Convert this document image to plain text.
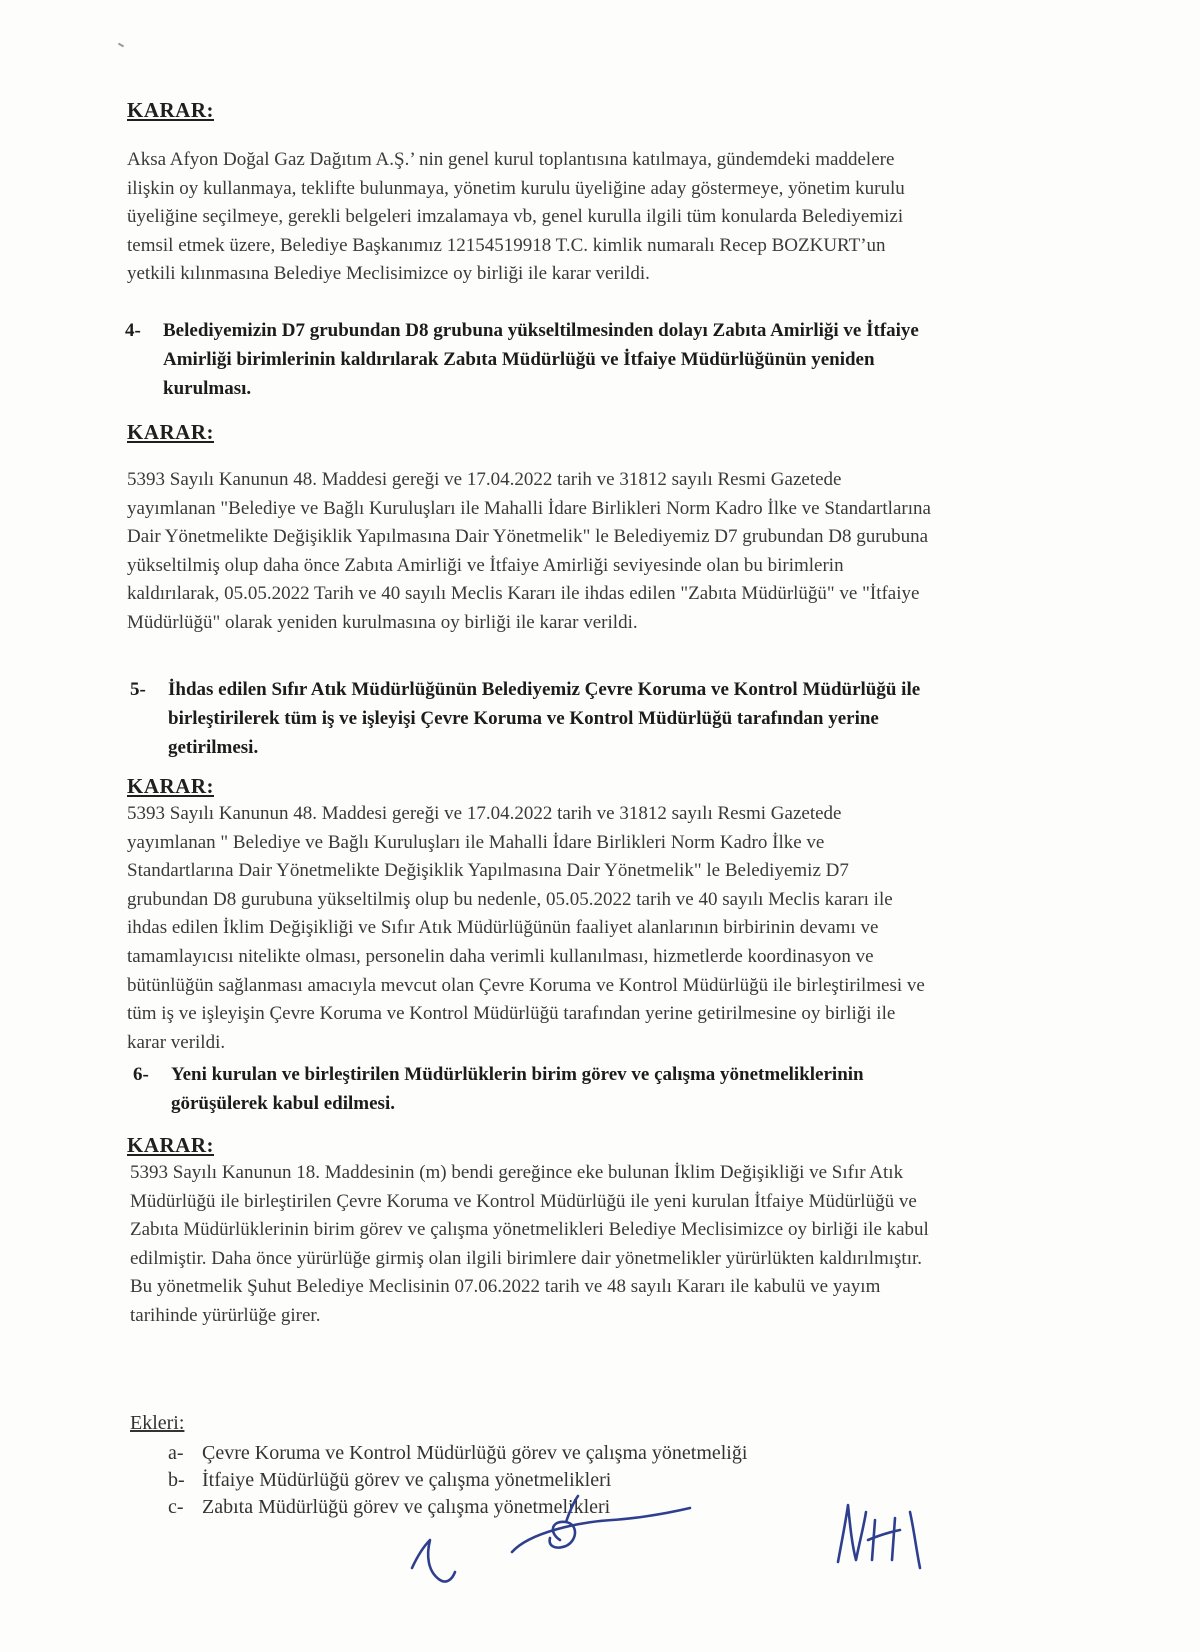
KARAR:
Aksa Afyon Doğal Gaz Dağıtım A.Ş.’ nin genel kurul toplantısına katılmaya, gündemdeki maddelere
ilişkin oy kullanmaya, teklifte bulunmaya, yönetim kurulu üyeliğine aday göstermeye, yönetim kurulu
üyeliğine seçilmeye, gerekli belgeleri imzalamaya vb, genel kurulla ilgili tüm konularda Belediyemizi
temsil etmek üzere, Belediye Başkanımız 12154519918 T.C. kimlik numaralı Recep BOZKURT’un
yetkili kılınmasına Belediye Meclisimizce oy birliği ile karar verildi.
4- Belediyemizin D7 grubundan D8 grubuna yükseltilmesinden dolayı Zabıta Amirliği ve İtfaiye
Amirliği birimlerinin kaldırılarak Zabıta Müdürlüğü ve İtfaiye Müdürlüğünün yeniden
kurulması.
KARAR:
5393 Sayılı Kanunun 48. Maddesi gereği ve 17.04.2022 tarih ve 31812 sayılı Resmi Gazetede
yayımlanan "Belediye ve Bağlı Kuruluşları ile Mahalli İdare Birlikleri Norm Kadro İlke ve Standartlarına
Dair Yönetmelikte Değişiklik Yapılmasına Dair Yönetmelik" le Belediyemiz D7 grubundan D8 gurubuna
yükseltilmiş olup daha önce Zabıta Amirliği ve İtfaiye Amirliği seviyesinde olan bu birimlerin
kaldırılarak, 05.05.2022 Tarih ve 40 sayılı Meclis Kararı ile ihdas edilen "Zabıta Müdürlüğü" ve "İtfaiye
Müdürlüğü" olarak yeniden kurulmasına oy birliği ile karar verildi.
5- İhdas edilen Sıfır Atık Müdürlüğünün Belediyemiz Çevre Koruma ve Kontrol Müdürlüğü ile
birleştirilerek tüm iş ve işleyişi Çevre Koruma ve Kontrol Müdürlüğü tarafından yerine
getirilmesi.
KARAR:
5393 Sayılı Kanunun 48. Maddesi gereği ve 17.04.2022 tarih ve 31812 sayılı Resmi Gazetede
yayımlanan " Belediye ve Bağlı Kuruluşları ile Mahalli İdare Birlikleri Norm Kadro İlke ve
Standartlarına Dair Yönetmelikte Değişiklik Yapılmasına Dair Yönetmelik" le Belediyemiz D7
grubundan D8 gurubuna yükseltilmiş olup bu nedenle, 05.05.2022 tarih ve 40 sayılı Meclis kararı ile
ihdas edilen İklim Değişikliği ve Sıfır Atık Müdürlüğünün faaliyet alanlarının birbirinin devamı ve
tamamlayıcısı nitelikte olması, personelin daha verimli kullanılması, hizmetlerde koordinasyon ve
bütünlüğün sağlanması amacıyla mevcut olan Çevre Koruma ve Kontrol Müdürlüğü ile birleştirilmesi ve
tüm iş ve işleyişin Çevre Koruma ve Kontrol Müdürlüğü tarafından yerine getirilmesine oy birliği ile
karar verildi.
6- Yeni kurulan ve birleştirilen Müdürlüklerin birim görev ve çalışma yönetmeliklerinin
görüşülerek kabul edilmesi.
KARAR:
5393 Sayılı Kanunun 18. Maddesinin (m) bendi gereğince eke bulunan İklim Değişikliği ve Sıfır Atık
Müdürlüğü ile birleştirilen Çevre Koruma ve Kontrol Müdürlüğü ile yeni kurulan İtfaiye Müdürlüğü ve
Zabıta Müdürlüklerinin birim görev ve çalışma yönetmelikleri Belediye Meclisimizce oy birliği ile kabul
edilmiştir. Daha önce yürürlüğe girmiş olan ilgili birimlere dair yönetmelikler yürürlükten kaldırılmıştır.
Bu yönetmelik Şuhut Belediye Meclisinin 07.06.2022 tarih ve 48 sayılı Kararı ile kabulü ve yayım
tarihinde yürürlüğe girer.
Ekleri:
a- Çevre Koruma ve Kontrol Müdürlüğü görev ve çalışma yönetmeliği
b- İtfaiye Müdürlüğü görev ve çalışma yönetmelikleri
c- Zabıta Müdürlüğü görev ve çalışma yönetmelikleri
